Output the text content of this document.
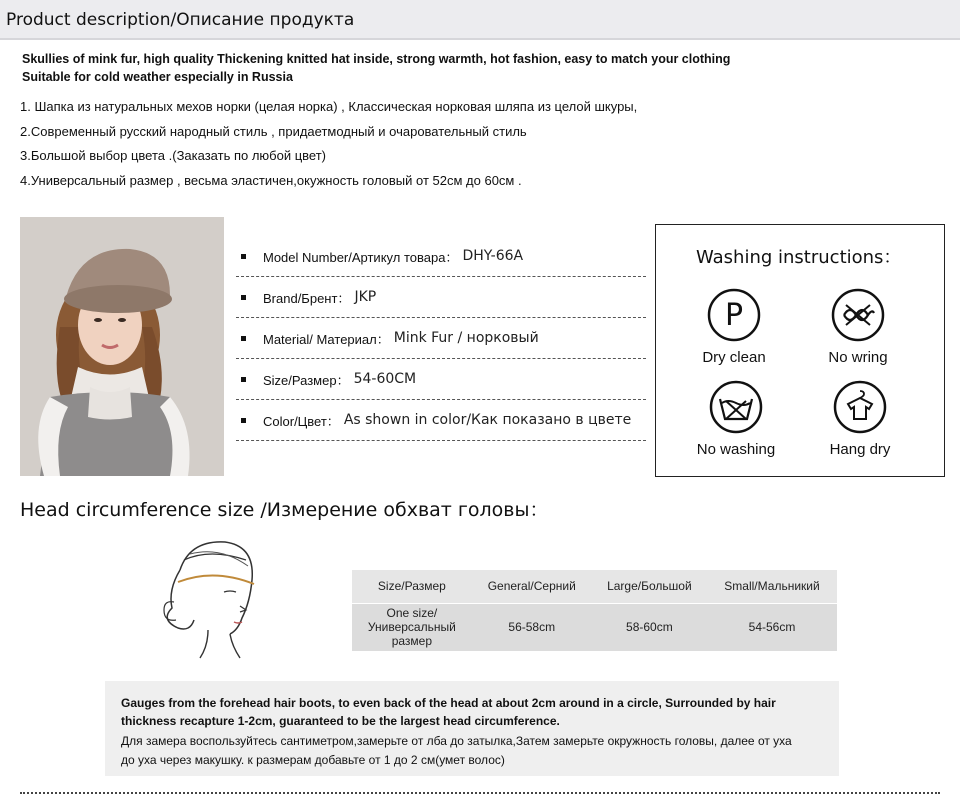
Product description/Описание продукта
Skullies of mink fur, high quality Thickening knitted hat inside, strong warmth, hot fashion, easy to match your clothing
Suitable for cold weather especially in Russia
1. Шапка из натуральных мехов норки (целая норка) , Классическая норковая шляпа из целой шкуры,
2.Современный русский народный стиль , придаетмодный и очаровательный стиль
3.Большой выбор цвета .(Заказать по любой цвет)
4.Универсальный размер , весьма эластичен,окужность головый от 52см до 60см .
Model Number/Артикул товара： DHY-66A
Brand/Брент： JKP
Material/ Материал： Mink Fur / норковый
Size/Размер： 54-60CM
Color/Цвет： As shown in color/Как показано в цвете
Washing instructions：
P
Dry clean	No wring
No washing	Hang dry
Head circumference size /Измерение обхват головы：
Size/Размер	General/Серний	Large/Большой	Small/Мальникий
One size/
Универсальный
размер	56-58cm	58-60cm	54-56cm
Gauges from the forehead hair boots, to even back of the head at about 2cm around in a circle, Surrounded by hair thickness recapture 1-2cm, guaranteed to be the largest head circumference.
Для замера воспользуйтесь сантиметром,замерьте от лба до затылка,Затем замерьте окружность головы, далее от уха
до уха через макушку. к размерам добавьте от 1 до 2 см(умет волос)
